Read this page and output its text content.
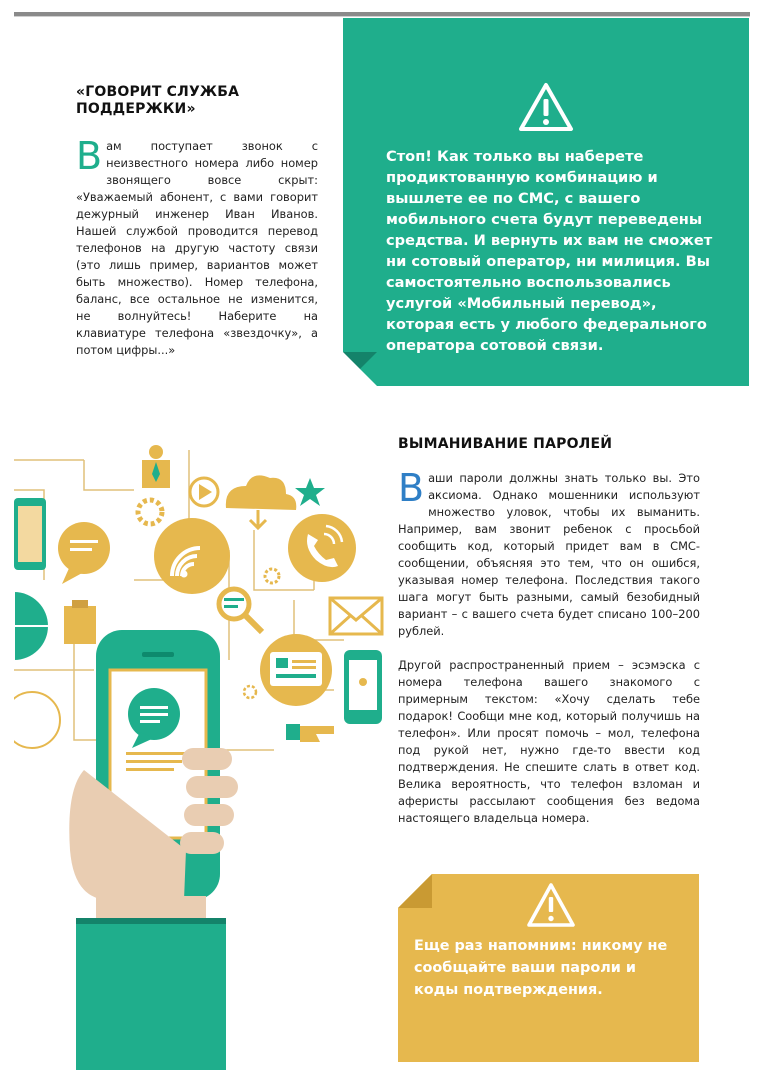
«ГОВОРИТ СЛУЖБА
ПОДДЕРЖКИ»
Вам поступает звонок с неизвестного номера либо номер звонящего вовсе скрыт: «Уважаемый абонент, с вами говорит дежурный инженер Иван Иванов. Нашей службой проводится перевод телефонов на другую частоту связи (это лишь пример, вариантов может быть множество). Номер телефона, баланс, все остальное не изменится, не волнуйтесь! Наберите на клавиатуре телефона «звездочку», а потом цифры...»
Стоп! Как только вы наберете продиктованную комбинацию и вышлете ее по СМС, с вашего мобильного счета будут переведены средства. И вернуть их вам не сможет ни сотовый оператор, ни милиция. Вы самостоятельно воспользовались услугой «Мобильный перевод», которая есть у любого федерального оператора сотовой связи.
ВЫМАНИВАНИЕ ПАРОЛЕЙ
Ваши пароли должны знать только вы. Это аксиома. Однако мошенники используют множество уловок, чтобы их выманить. Например, вам звонит ребенок с просьбой сообщить код, который придет вам в СМС-сообщении, объясняя это тем, что он ошибся, указывая номер телефона. Последствия такого шага могут быть разными, самый безобидный вариант – с вашего счета будет списано 100–200 рублей.
Другой распространенный прием – эсэмэска с номера телефона вашего знакомого с примерным текстом: «Хочу сделать тебе подарок! Сообщи мне код, который получишь на телефон». Или просят помочь – мол, телефона под рукой нет, нужно где-то ввести код подтверждения. Не спешите слать в ответ код. Велика вероятность, что телефон взломан и аферисты рассылают сообщения без ведома настоящего владельца номера.
Еще раз напомним: никому не сообщайте ваши пароли и коды подтверждения.
